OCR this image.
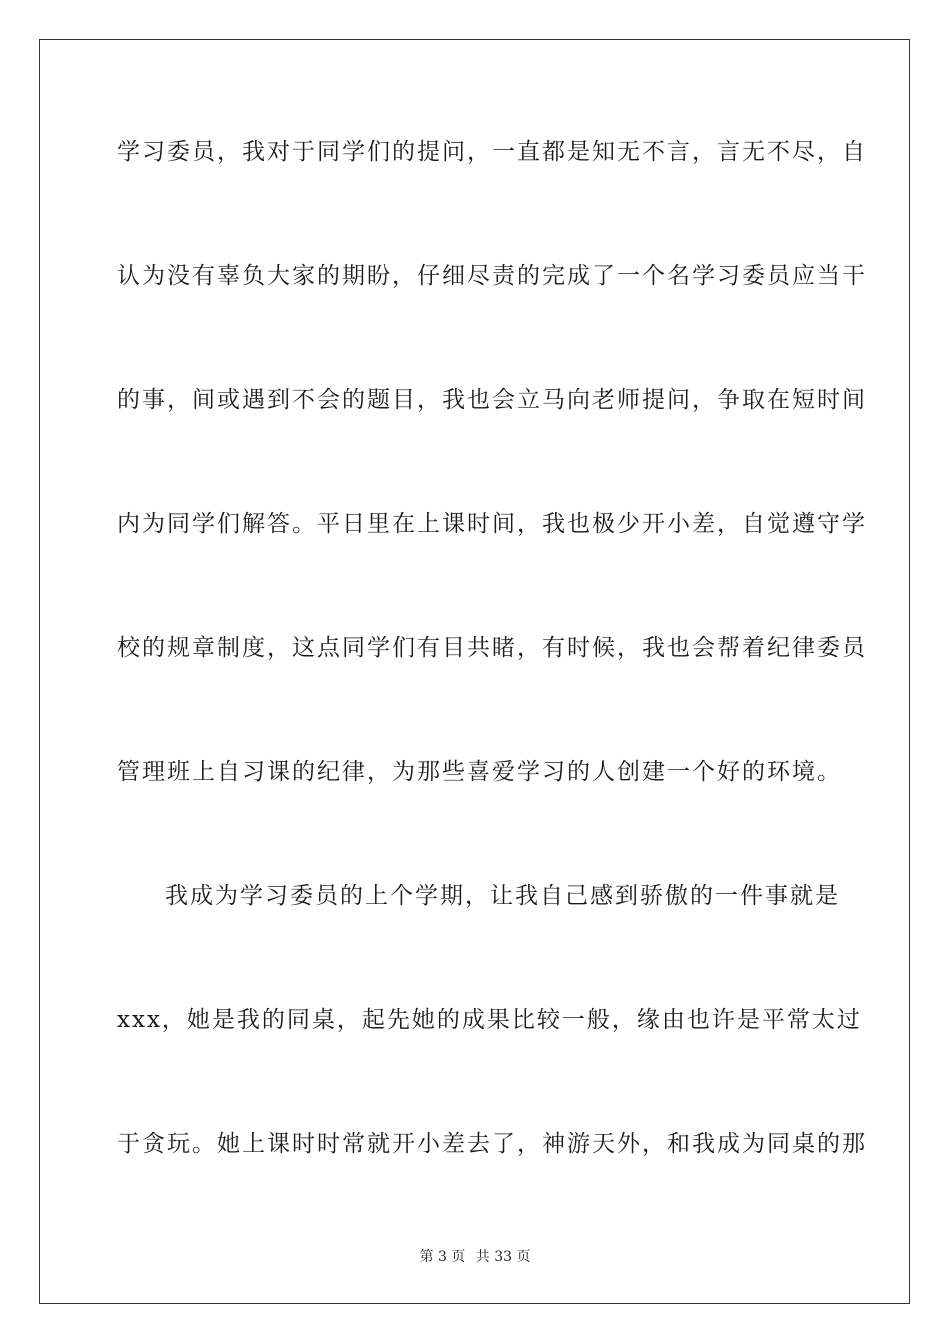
学习委员，我对于同学们的提问，一直都是知无不言，言无不尽，自
认为没有辜负大家的期盼，仔细尽责的完成了一个名学习委员应当干
的事，间或遇到不会的题目，我也会立马向老师提问，争取在短时间
内为同学们解答。平日里在上课时间，我也极少开小差，自觉遵守学
校的规章制度，这点同学们有目共睹，有时候，我也会帮着纪律委员
管理班上自习课的纪律，为那些喜爱学习的人创建一个好的环境。
我成为学习委员的上个学期，让我自己感到骄傲的一件事就是
xxx，她是我的同桌，起先她的成果比较一般，缘由也许是平常太过
于贪玩。她上课时时常就开小差去了，神游天外，和我成为同桌的那
第 3 页 共 33 页
